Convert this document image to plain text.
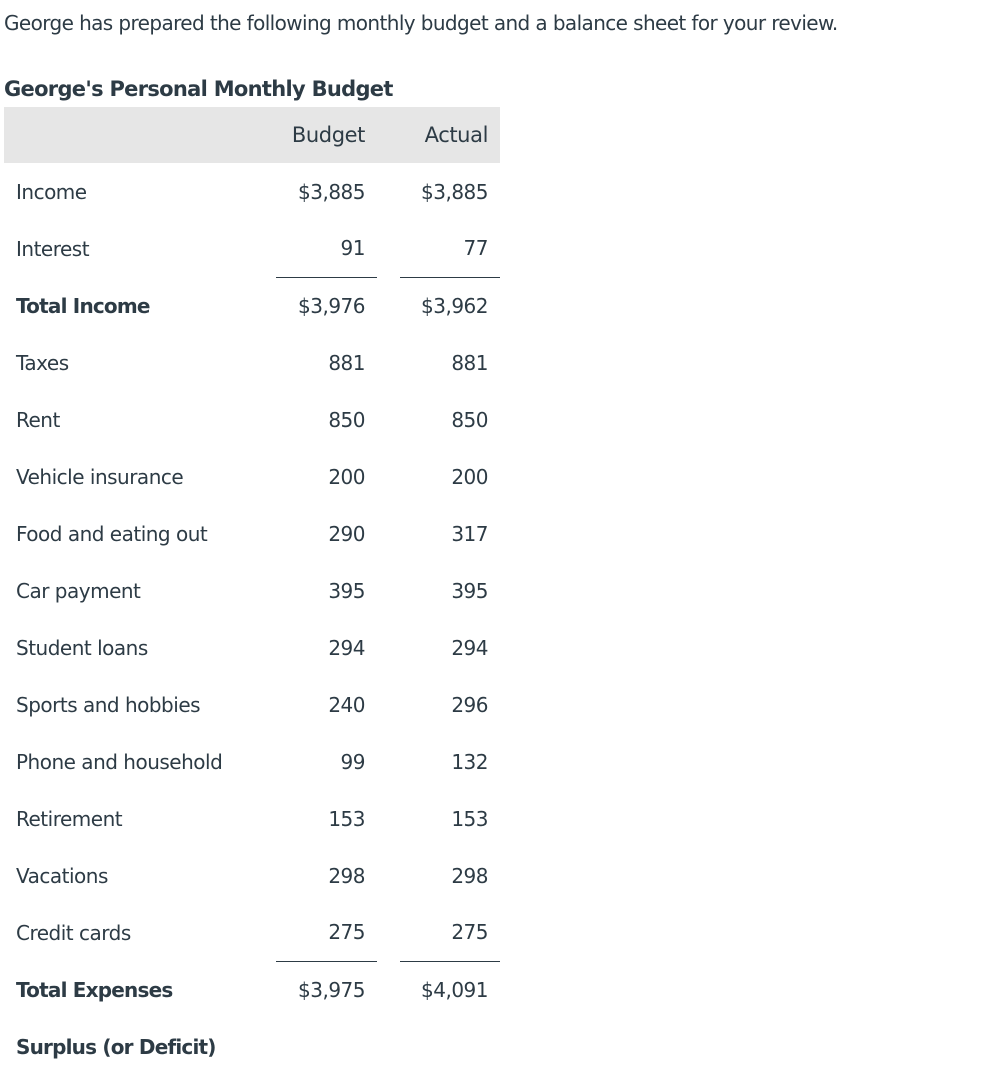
George has prepared the following monthly budget and a balance sheet for your review.
George's Personal Monthly Budget
	Budget		Actual
Income	$3,885		$3,885
Interest	91		77
Total Income	$3,976		$3,962
Taxes	881		881
Rent	850		850
Vehicle insurance	200		200
Food and eating out	290		317
Car payment	395		395
Student loans	294		294
Sports and hobbies	240		296
Phone and household	99		132
Retirement	153		153
Vacations	298		298
Credit cards	275		275
Total Expenses	$3,975		$4,091
Surplus (or Deficit)			
